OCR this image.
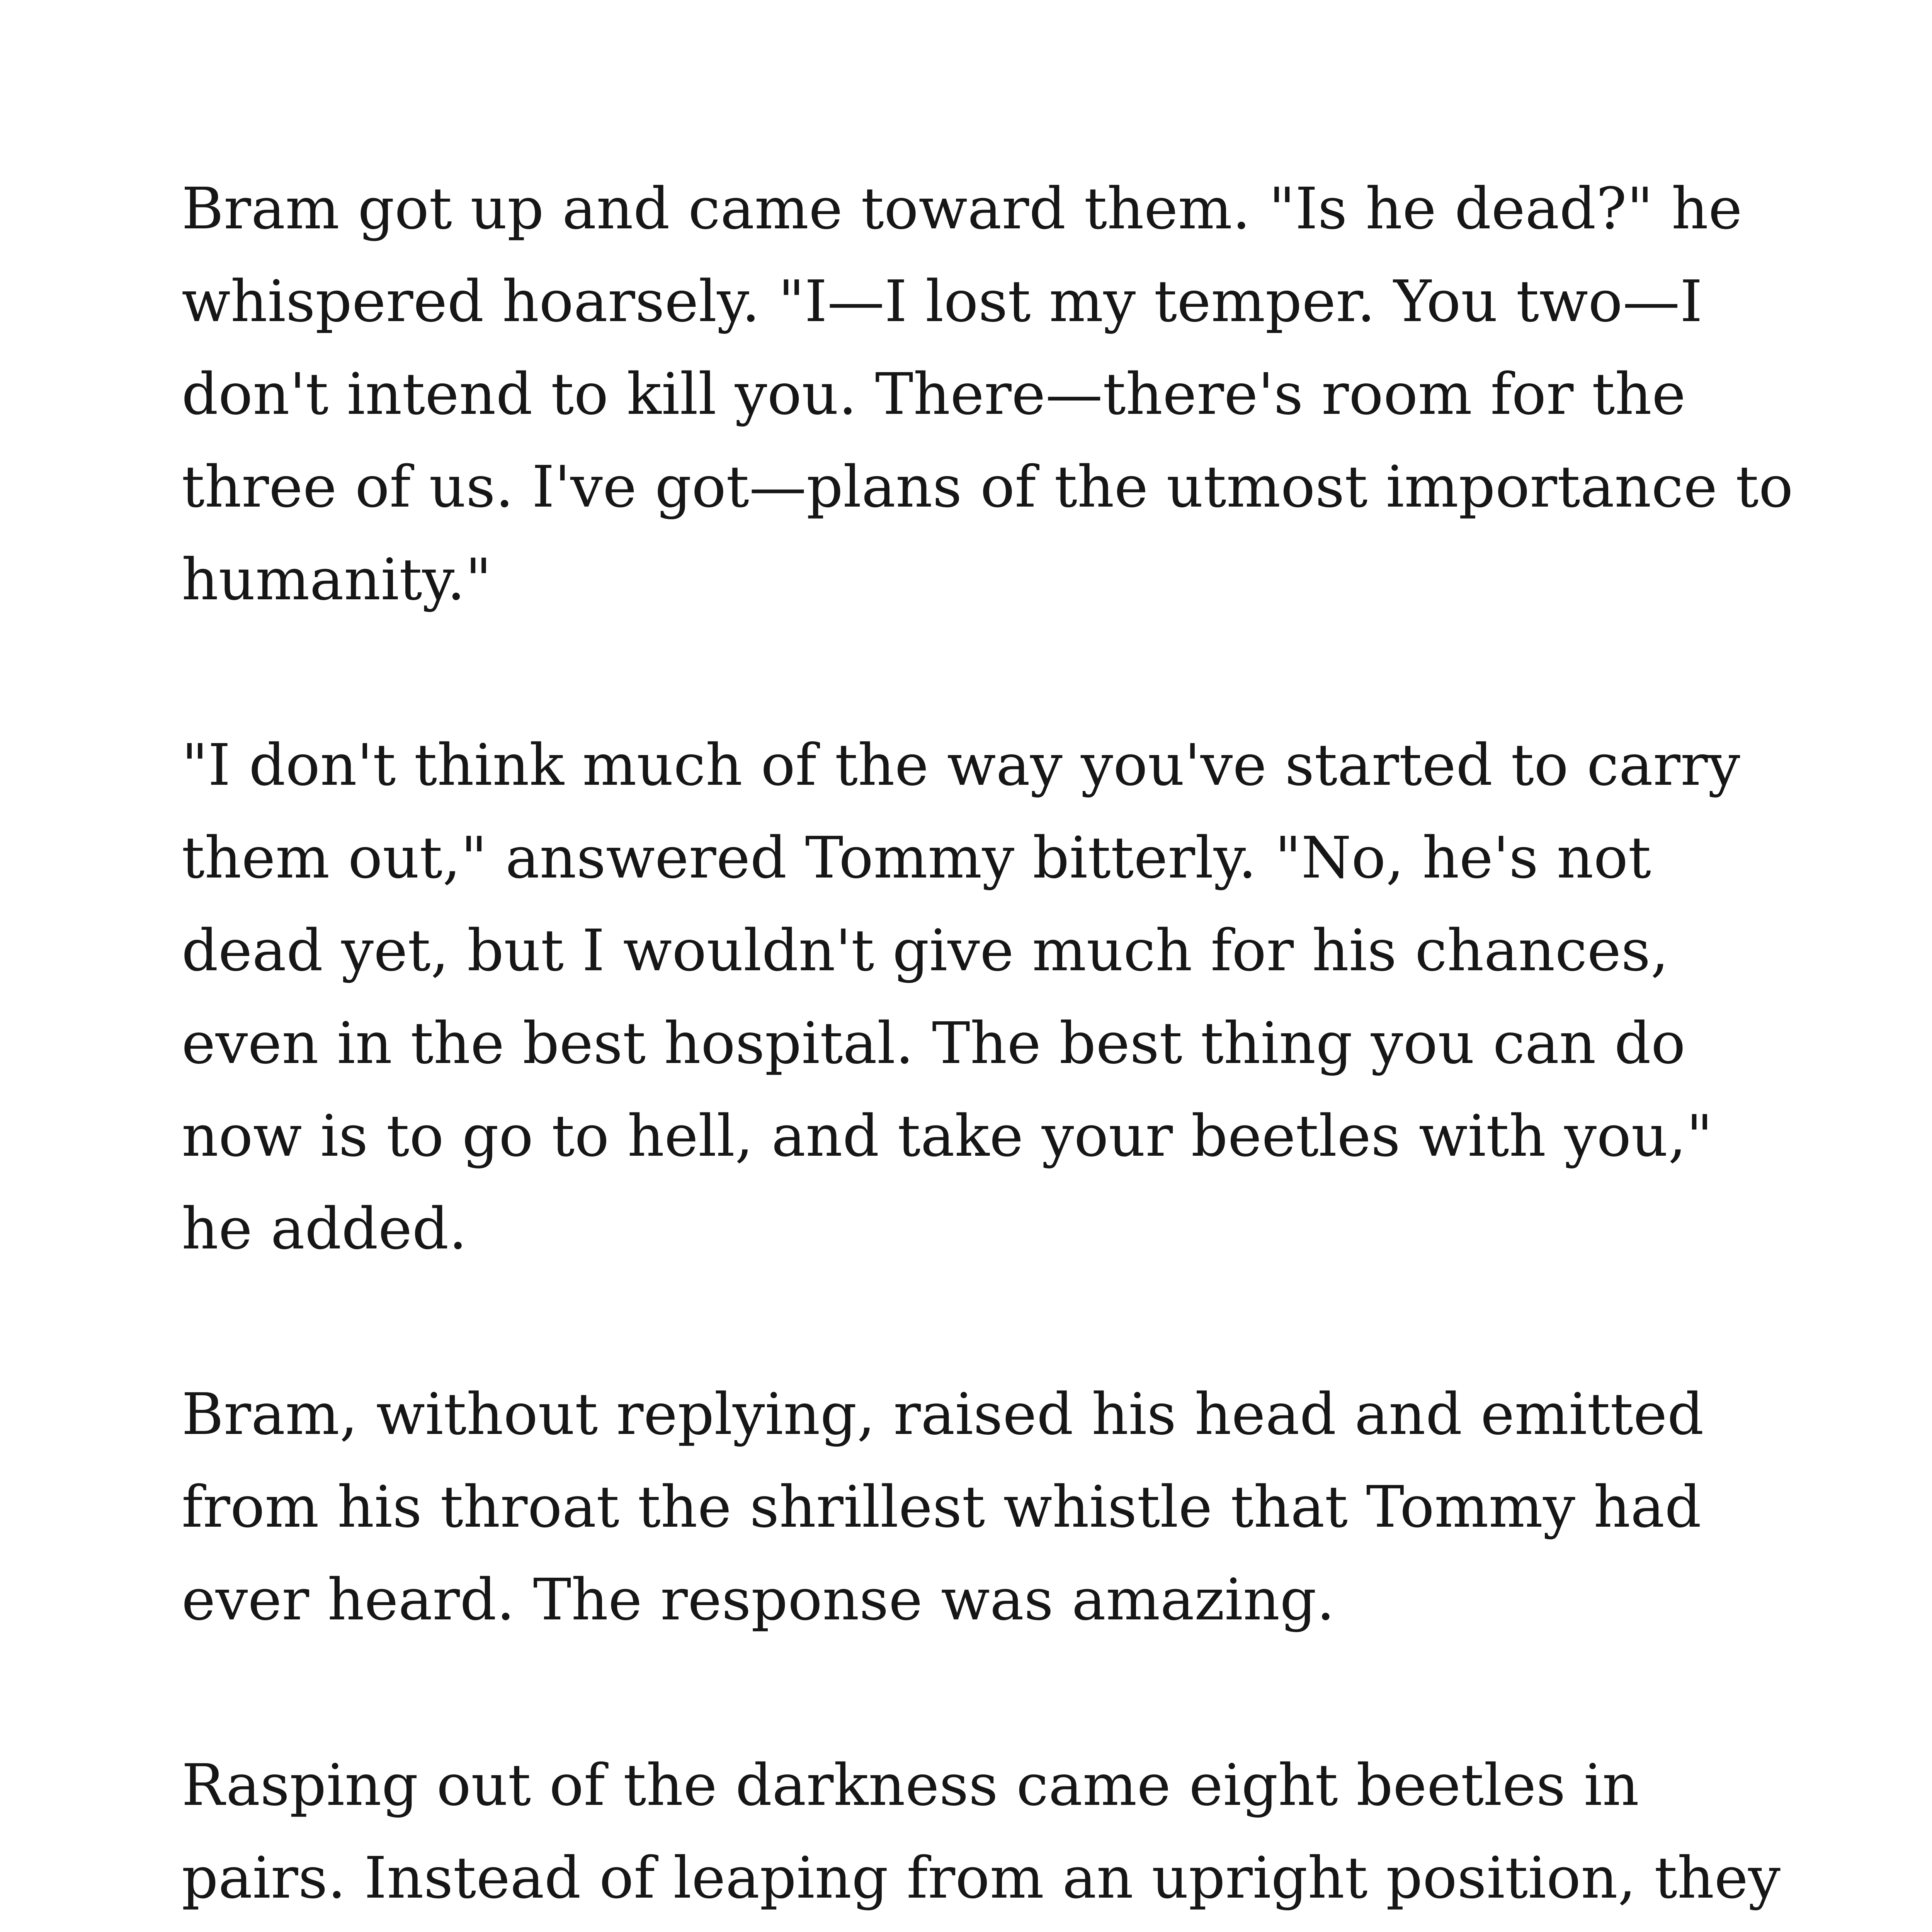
Bram got up and came toward them. "Is he dead?" he whispered hoarsely. "I—I lost my temper. You two—I don't intend to kill you. There—there's room for the three of us. I've got—plans of the utmost importance to humanity."

"I don't think much of the way you've started to carry them out," answered Tommy bitterly. "No, he's not dead yet, but I wouldn't give much for his chances, even in the best hospital. The best thing you can do now is to go to hell, and take your beetles with you," he added.

Bram, without replying, raised his head and emitted from his throat the shrillest whistle that Tommy had ever heard. The response was amazing.

Rasping out of the darkness came eight beetles in pairs. Instead of leaping from an upright position, they
